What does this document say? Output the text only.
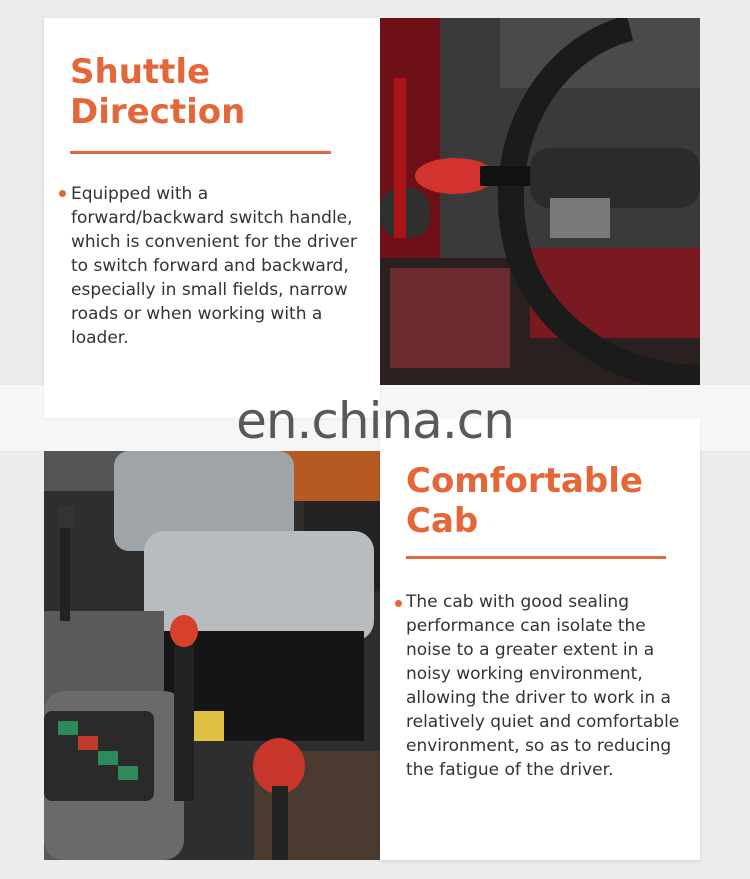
Shuttle
Direction
Equipped with a forward/backward switch handle, which is convenient for the driver to switch forward and backward, especially in small fields, narrow roads or when working with a loader.
Comfortable
Cab
The cab with good sealing performance can isolate the noise to a greater extent in a noisy working environment, allowing the driver to work in a relatively quiet and comfortable environment, so as to reducing the fatigue of the driver.
en.china.cn
